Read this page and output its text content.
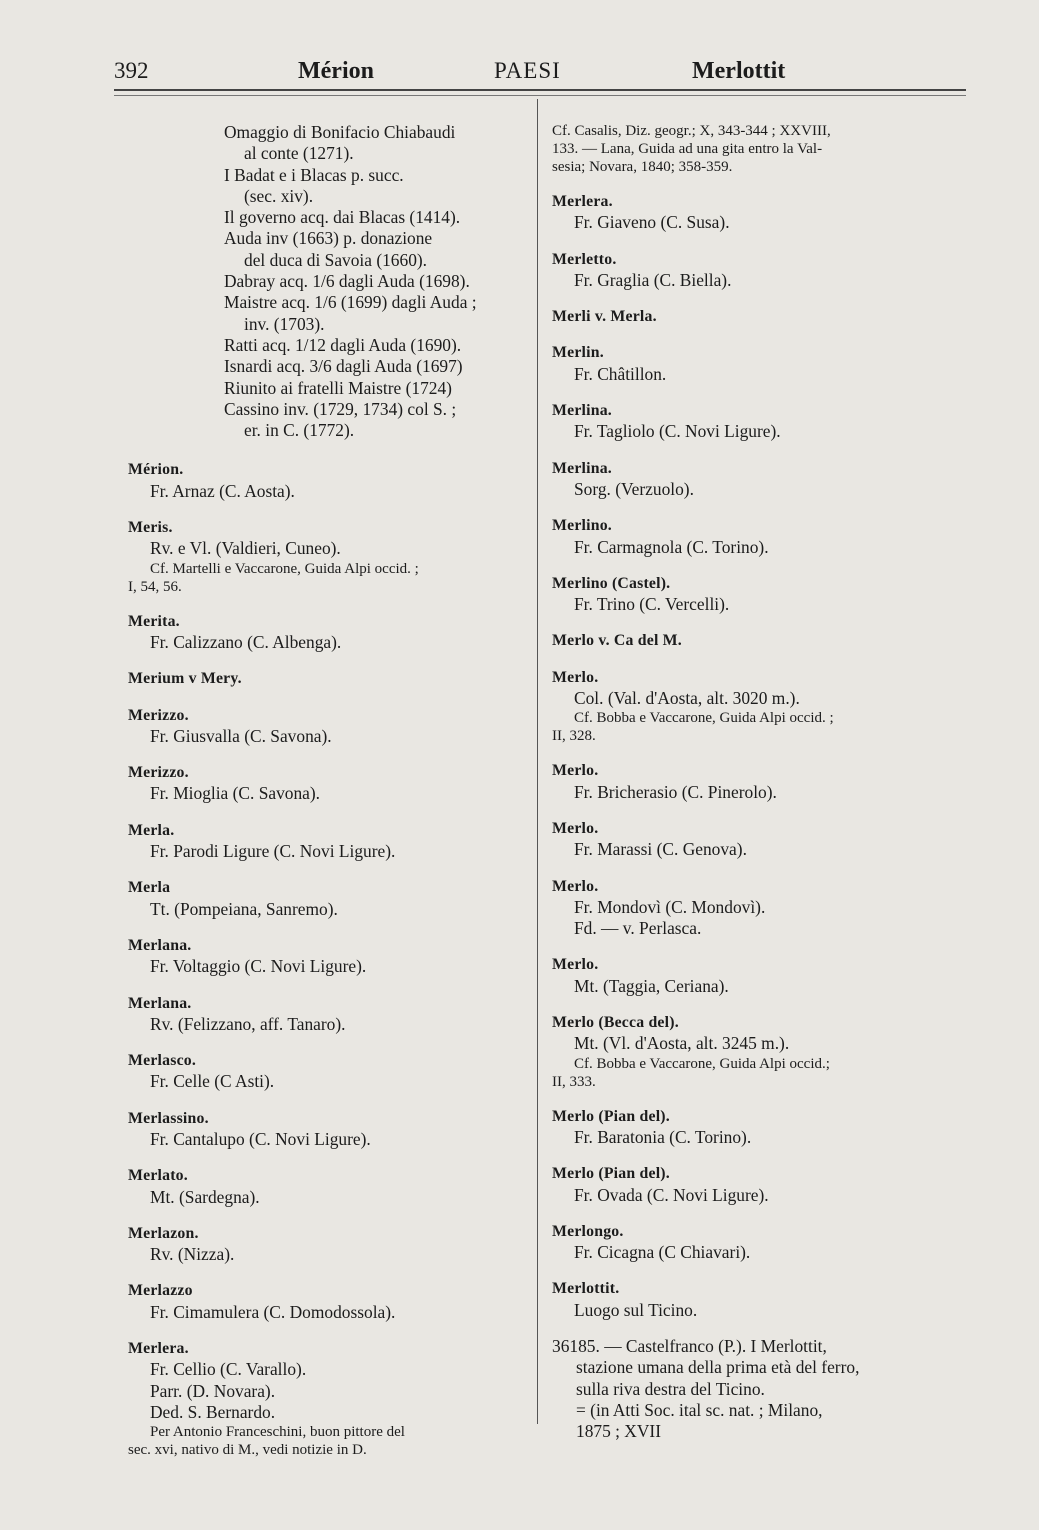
392	Mérion	PAESI	Merlottit
Omaggio di Bonifacio Chiabaudi
al conte (1271).
I Badat e i Blacas p. succ.
(sec. xiv).
Il governo acq. dai Blacas (1414).
Auda inv (1663) p. donazione
del duca di Savoia (1660).
Dabray acq. 1/6 dagli Auda (1698).
Maistre acq. 1/6 (1699) dagli Auda ;
inv. (1703).
Ratti acq. 1/12 dagli Auda (1690).
Isnardi acq. 3/6 dagli Auda (1697)
Riunito ai fratelli Maistre (1724)
Cassino inv. (1729, 1734) col S. ;
er. in C. (1772).
Mérion.
Fr. Arnaz (C. Aosta).
Meris.
Rv. e Vl. (Valdieri, Cuneo).
Cf. Martelli e Vaccarone, Guida Alpi occid. ;
I, 54, 56.
Merita.
Fr. Calizzano (C. Albenga).
Merium v Mery.
Merizzo.
Fr. Giusvalla (C. Savona).
Merizzo.
Fr. Mioglia (C. Savona).
Merla.
Fr. Parodi Ligure (C. Novi Ligure).
Merla
Tt. (Pompeiana, Sanremo).
Merlana.
Fr. Voltaggio (C. Novi Ligure).
Merlana.
Rv. (Felizzano, aff. Tanaro).
Merlasco.
Fr. Celle (C Asti).
Merlassino.
Fr. Cantalupo (C. Novi Ligure).
Merlato.
Mt. (Sardegna).
Merlazon.
Rv. (Nizza).
Merlazzo
Fr. Cimamulera (C. Domodossola).
Merlera.
Fr. Cellio (C. Varallo).
Parr. (D. Novara).
Ded. S. Bernardo.
Per Antonio Franceschini, buon pittore del
sec. xvi, nativo di M., vedi notizie in D.
Cf. Casalis, Diz. geogr.; X, 343-344 ; XXVIII,
133. — Lana, Guida ad una gita entro la Val-
sesia; Novara, 1840; 358-359.
Merlera.
Fr. Giaveno (C. Susa).
Merletto.
Fr. Graglia (C. Biella).
Merli v. Merla.
Merlin.
Fr. Châtillon.
Merlina.
Fr. Tagliolo (C. Novi Ligure).
Merlina.
Sorg. (Verzuolo).
Merlino.
Fr. Carmagnola (C. Torino).
Merlino (Castel).
Fr. Trino (C. Vercelli).
Merlo v. Ca del M.
Merlo.
Col. (Val. d'Aosta, alt. 3020 m.).
Cf. Bobba e Vaccarone, Guida Alpi occid. ;
II, 328.
Merlo.
Fr. Bricherasio (C. Pinerolo).
Merlo.
Fr. Marassi (C. Genova).
Merlo.
Fr. Mondovì (C. Mondovì).
Fd. — v. Perlasca.
Merlo.
Mt. (Taggia, Ceriana).
Merlo (Becca del).
Mt. (Vl. d'Aosta, alt. 3245 m.).
Cf. Bobba e Vaccarone, Guida Alpi occid.;
II, 333.
Merlo (Pian del).
Fr. Baratonia (C. Torino).
Merlo (Pian del).
Fr. Ovada (C. Novi Ligure).
Merlongo.
Fr. Cicagna (C Chiavari).
Merlottit.
Luogo sul Ticino.
36185. — Castelfranco (P.). I Merlottit,
stazione umana della prima età del ferro,
sulla riva destra del Ticino.
= (in Atti Soc. ital sc. nat. ; Milano,
1875 ; XVII
